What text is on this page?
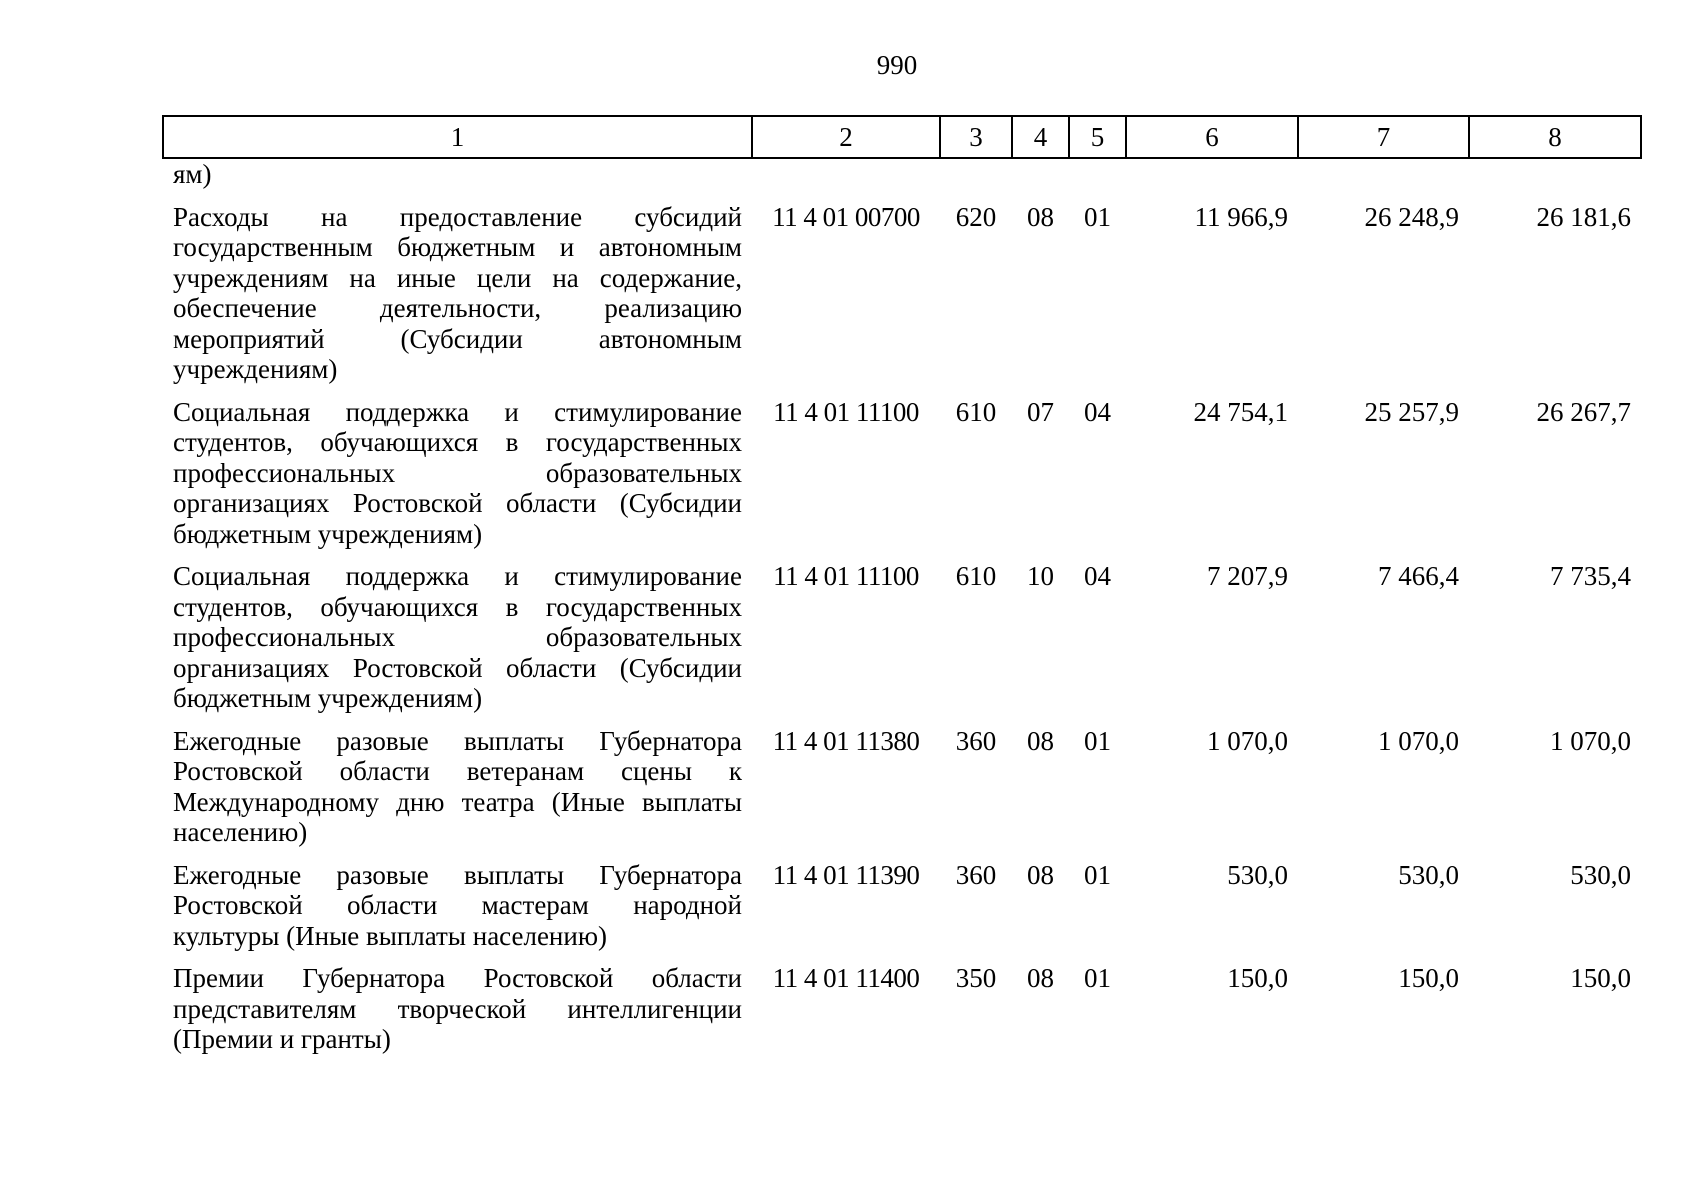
990
1	2	3	4	5	6	7	8
ям)							
Расходы на предоставление субсидий государственным бюджетным и автономным учреждениям на иные цели на содержание, обеспечение деятельности, реализацию мероприятий (Субсидии автономным учреждениям)	11 4 01 00700	620	08	01	11 966,9	26 248,9	26 181,6
Социальная поддержка и стимулирование студентов, обучающихся в государственных профессиональных образовательных организациях Ростовской области (Субсидии бюджетным учреждениям)	11 4 01 11100	610	07	04	24 754,1	25 257,9	26 267,7
Социальная поддержка и стимулирование студентов, обучающихся в государственных профессиональных образовательных организациях Ростовской области (Субсидии бюджетным учреждениям)	11 4 01 11100	610	10	04	7 207,9	7 466,4	7 735,4
Ежегодные разовые выплаты Губернатора Ростовской области ветеранам сцены к Международному дню театра (Иные выплаты населению)	11 4 01 11380	360	08	01	1 070,0	1 070,0	1 070,0
Ежегодные разовые выплаты Губернатора Ростовской области мастерам народной культуры (Иные выплаты населению)	11 4 01 11390	360	08	01	530,0	530,0	530,0
Премии Губернатора Ростовской области представителям творческой интеллигенции (Премии и гранты)	11 4 01 11400	350	08	01	150,0	150,0	150,0
